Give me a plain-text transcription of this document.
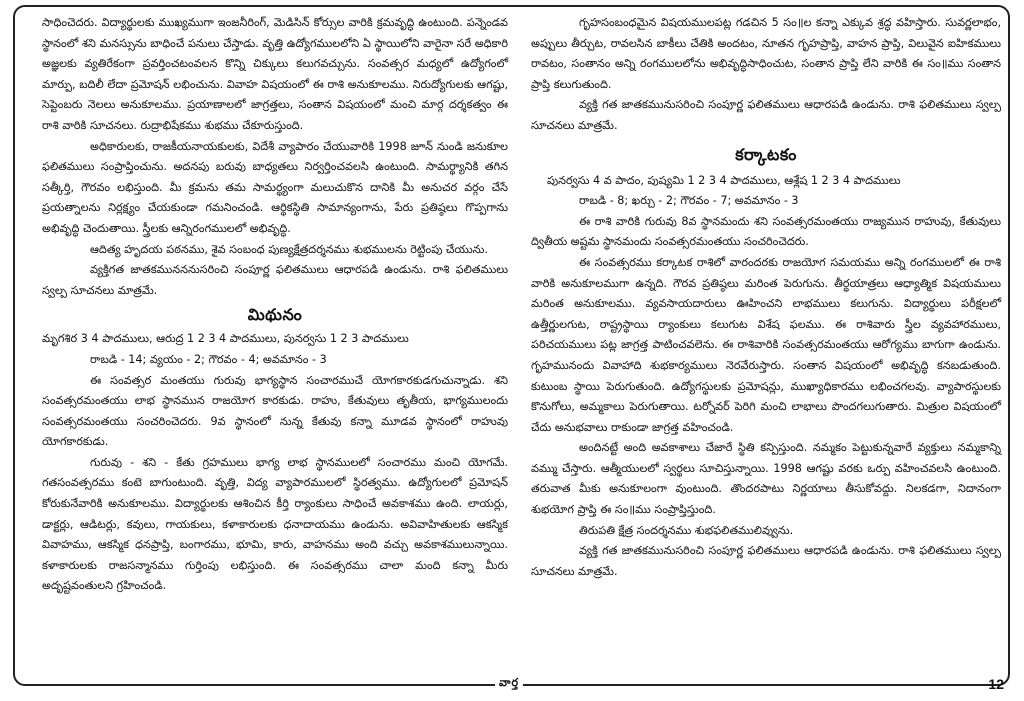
సాధించెదరు. విద్యార్థులకు ముఖ్యముగా ఇంజనీరింగ్, మెడిసిన్ కోర్సుల వారికి క్రమవృద్ధి ఉంటుంది. పన్నెండవ స్థానంలో శని మనస్సును బాధించే పనులు చేస్తాడు. వృత్తి ఉద్యోగములలోని ఏ స్థాయిలోని వారైనా సరే అధికారి అజ్ఞలకు వ్యతిరేకంగా ప్రవర్తించటంవలన కొన్ని చిక్కులు కలుగవచ్చును. సంవత్సర మధ్యలో ఉద్యోగంలో మార్పు, బదిలీ లేదా ప్రమోషన్ లభించును. వివాహ విషయంలో ఈ రాశి అనుకూలము. నిరుద్యోగులకు ఆగష్టు, సెప్టెంబరు నెలలు అనుకూలము. ప్రయాణాలలో జాగ్రత్తలు, సంతాన విషయంలో మంచి మార్గ దర్శకత్వం ఈ రాశి వారికి సూచనలు. రుద్రాభిషేకము శుభము చేకూరుస్తుంది.

అధికారులకు, రాజకీయనాయకులకు, విదేశీ వ్యాపారం చేయువారికి 1998 జూన్ నుండి జనుకూల ఫలితములు సంప్రాప్తించును. అదనపు బరువు బాధ్యతలు నిర్వర్తించవలసి ఉంటుంది. సామర్థ్యానికి తగిన సత్కీర్తి, గౌరవం లభిస్తుంది. మీ క్రమను తమ సామర్థ్యంగా మలుచుకొన దానికి మీ అనుచర వర్గం చేసే ప్రయత్నాలను నిర్లక్ష్యం చేయకుండా గమనించండి. ఆర్థికస్థితి సామాన్యంగాను, పేరు ప్రతిష్ఠలు గొప్పగాను అభివృద్ధి చెందుతాయి. స్త్రీలకు ఆన్నిరంగములలో అభివృద్ధి.

ఆదిత్య హృదయ పఠనము, శైవ సంబంధ పుణ్యక్షేత్రదర్శనము శుభములను రెట్టింపు చేయును.

వ్యక్తిగత జాతకమునననుసరించి సంపూర్ణ ఫలితములు ఆధారపడి ఉండును. రాశి ఫలితములు స్వల్ప సూచనలు మాత్రమే.

మిథునం

మృగశిర 3 4 పాదములు, ఆరుద్ర 1 2 3 4 పాదములు, పునర్వసు 1 2 3 పాదములు

రాబడి - 14; వ్యయం - 2; గౌరవం - 4; అవమానం - 3

ఈ సంవత్సర మంతయు గురువు భాగ్యస్థాన సంచారముచే యోగకారకుడగుచున్నాడు. శని సంవత్సరమంతయు లాభ స్థానమున రాజయోగ కారకుడు. రాహు, కేతువులు తృతీయ, భాగ్యములందు సంవత్సరమంతయు సంచరించెదరు. 9వ స్థానంలో నున్న కేతువు కన్నా మూడవ స్థానంలో రాహువు యోగకారకుడు.

గురువు - శని - కేతు గ్రహములు భాగ్య లాభ స్థానములలో సంచారము మంచి యోగమే. గతసంవత్సరము కంటె బాగుంటుంది. వృత్తి, విద్య వ్యాపారములలో స్థిరత్వము. ఉద్యోగులలో ప్రమోషన్ కోరుకునేవారికి అనుకూలము. విద్యార్థులకు ఆశించిన కీర్తి ర్యాంకులు సాధించే అవకాశము ఉంది. లాయర్లు, డాక్టర్లు, ఆడిటర్లు, కవులు, గాయకులు, కళాకారులకు ధనాదాయము ఉండును. అవివాహితులకు ఆకస్మిక వివాహము, ఆకస్మిక ధనప్రాప్తి, బంగారము, భూమి, కారు, వాహనము అంది వచ్చు అవకాశములున్నాయి. కళాకారులకు రాజసన్మానము గుర్తింపు లభిస్తుంది. ఈ సంవత్సరము చాలా మంది కన్నా మీరు అదృష్టవంతులని గ్రహించండి.

గృహసంబంధమైన విషయములపట్ల గడచిన 5 సం॥ల కన్నా ఎక్కువ శ్రద్ధ వహిస్తారు. సువర్ణలాభం, అప్పులు తీర్చుట, రావలసిన బాకీలు చేతికి అందటం, నూతన గృహప్రాప్తి, వాహన ప్రాప్తి, విలువైన ఐహికములు రావటం, సంతానం అన్ని రంగములలోను అభివృద్ధిసాధించుట, సంతాన ప్రాప్తి లేని వారికి ఈ సం॥ము సంతాన ప్రాప్తి కలుగుతుంది.

వ్యక్తి గత జాతకమునుసరించి సంపూర్ణ ఫలితములు ఆధారపడి ఉండును. రాశి ఫలితములు స్వల్ప సూచనలు మాత్రమే.

కర్కాటకం

పునర్వసు 4 వ పాదం, పుష్యమి 1 2 3 4 పాదములు, ఆశ్లేష 1 2 3 4 పాదములు

రాబడి - 8; ఖర్చు - 2; గౌరవం - 7; అవమానం - 3

ఈ రాశి వారికి గురువు 8వ స్థానమందు శని సంవత్సరమంతయు రాజ్యమున రాహువు, కేతువులు ద్వితీయ అష్టమ స్థానమందు సంవత్సరమంతయు సంచరించెదరు.

ఈ సంవత్సరము కర్కాటక రాశిలో వారందరకు రాజయోగ సమయము అన్ని రంగములలో ఈ రాశి వారికి అనుకూలముగా ఉన్నది. గౌరవ ప్రతిష్ఠలు మరింత పెరుగును. తీర్థయాత్రలు ఆధ్యాత్మిక విషయములు మరింత అనుకూలము. వ్యవసాయదారులు ఊహించని లాభములు కలుగును. విద్యార్థులు పరీక్షలలో ఉత్తీర్ణులగుట, రాష్ట్రస్థాయి ర్యాంకులు కలుగుట విశేష ఫలము. ఈ రాశివారు స్త్రీల వ్యవహారములు, పరిచయములు పట్ల జాగ్రత్త పాటించవలెను. ఈ రాశివారికి సంవత్సరమంతయు ఆరోగ్యము బాగుగా ఉండును. గృహమునందు వివాహాది శుభకార్యములు నెరవేరుస్తారు. సంతాన విషయంలో అభివృద్ధి కనబడుతుంది. కుటుంబ స్థాయి పెరుగుతుంది. ఉద్యోగస్థులకు ప్రమోషన్లు, ముఖ్యాధికారము లభించగలవు. వ్యాపారస్థులకు కొనుగోలు, అమ్మకాలు పెరుగుతాయి. టర్నోవర్ పెరిగి మంచి లాభాలు పొందగలుగుతారు. మిత్రుల విషయంలో చేదు అనుభవాలు రాకుండా జాగ్రత్త వహించండి.

అందినట్టే అంది అవకాశాలు చేజారే స్థితి కన్పిస్తుంది. నమ్మకం పెట్టుకున్నవారే వ్యక్తులు నమ్మకాన్ని వమ్ము చేస్తారు. ఆత్మీయులలో స్వర్థలు సూచిస్తున్నాయి. 1998 ఆగష్టు వరకు ఒర్పు వహించవలసి ఉంటుంది. తరువాత మీకు అనుకూలంగా వుంటుంది. తొందరపాటు నిర్ణయాలు తీసుకోవద్దు. నిలకడగా, నిదానంగా శుభయోగ ప్రాప్తి ఈ సం॥ము సంప్రాప్తిస్తుంది.

తిరుపతి క్షేత్ర సందర్శనము శుభఫలితములివ్వును.

వ్యక్తి గత జాతకమునుసరించి సంపూర్ణ ఫలితములు ఆధారపడి ఉండును. రాశి ఫలితములు స్వల్ప సూచనలు మాత్రమే.

వార్త	12
